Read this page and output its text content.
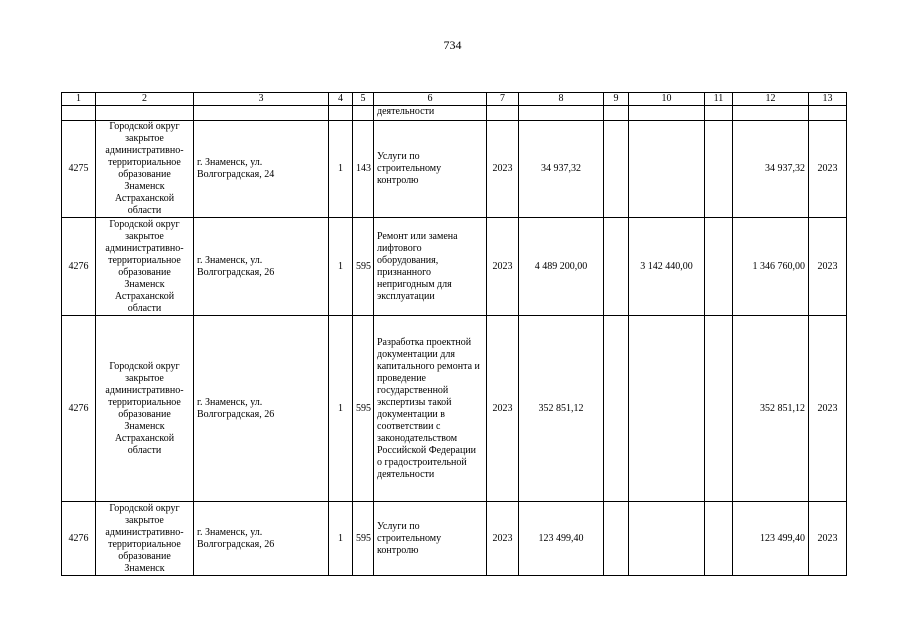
734
1	2	3	4	5	6	7	8	9	10	11	12	13
					деятельности							
4275	Городской округ закрытое административно-территориальное образование Знаменск Астраханской области	г. Знаменск, ул. Волгоградская, 24	1	143	Услуги по строительному контролю	2023	34 937,32				34 937,32	2023
4276	Городской округ закрытое административно-территориальное образование Знаменск Астраханской области	г. Знаменск, ул. Волгоградская, 26	1	595	Ремонт или замена лифтового оборудования, признанного непригодным для эксплуатации	2023	4 489 200,00		3 142 440,00		1 346 760,00	2023
4276	Городской округ закрытое административно-территориальное образование Знаменск Астраханской области	г. Знаменск, ул. Волгоградская, 26	1	595	Разработка проектной документации для капитального ремонта и проведение государственной экспертизы такой документации в соответствии с законодательством Российской Федерации о градостроительной деятельности	2023	352 851,12				352 851,12	2023
4276	Городской округ закрытое административно-территориальное образование Знаменск	г. Знаменск, ул. Волгоградская, 26	1	595	Услуги по строительному контролю	2023	123 499,40				123 499,40	2023
